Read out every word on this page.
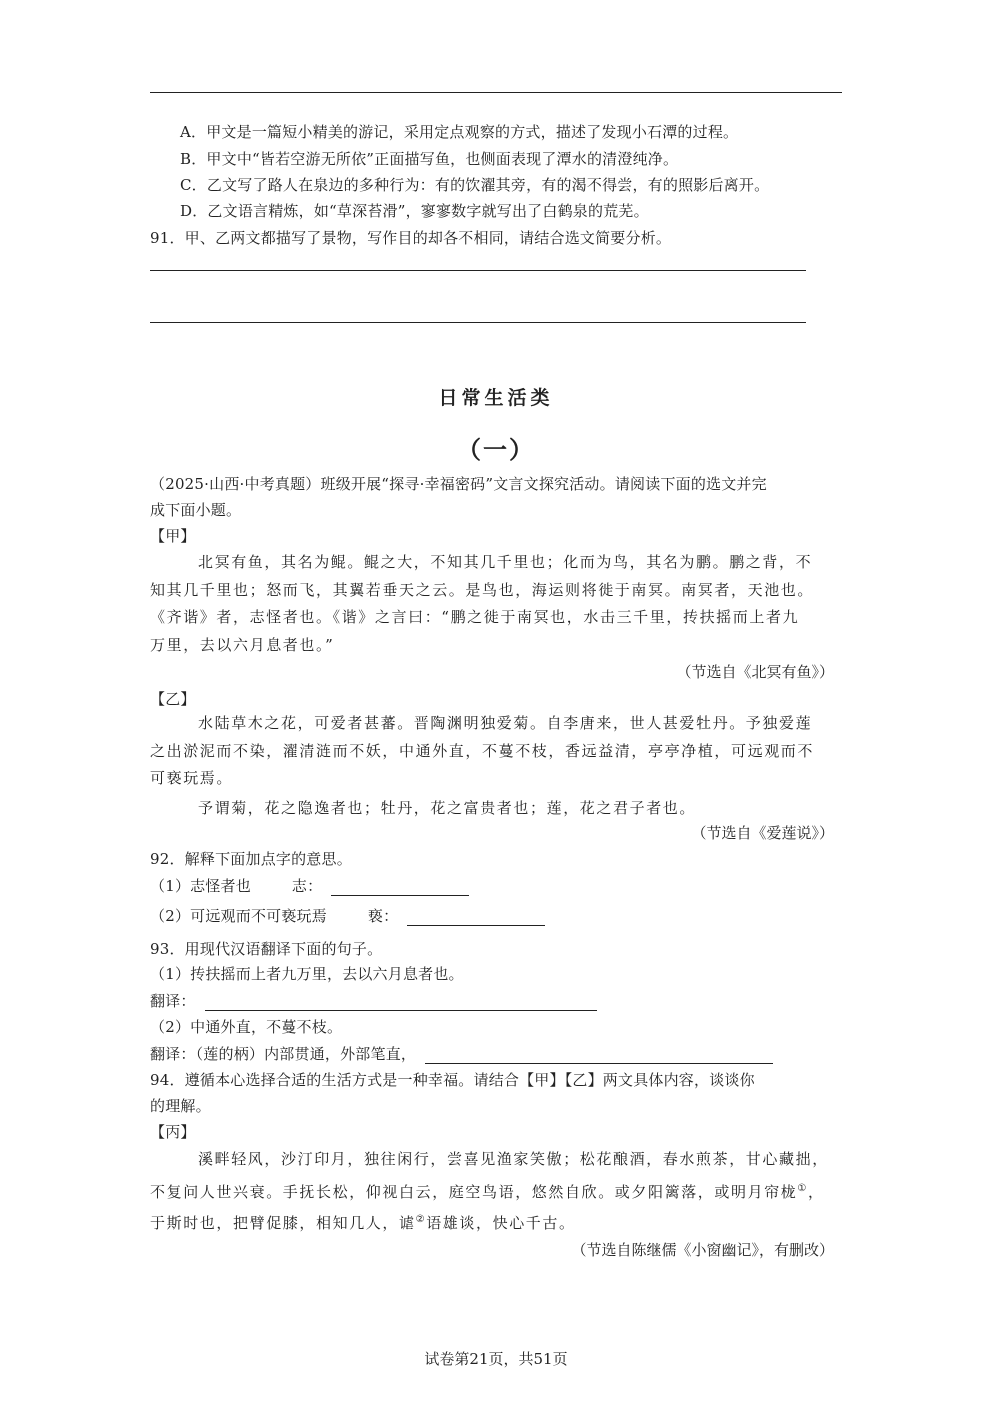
A．甲文是一篇短小精美的游记，采用定点观察的方式，描述了发现小石潭的过程。
B．甲文中“皆若空游无所依”正面描写鱼，也侧面表现了潭水的清澄纯净。
C．乙文写了路人在泉边的多种行为：有的饮濯其旁，有的渴不得尝，有的照影后离开。
D．乙文语言精炼，如“草深苔滑”，寥寥数字就写出了白鹤泉的荒芜。
91．甲、乙两文都描写了景物，写作目的却各不相同，请结合选文简要分析。
日常生活类
（一）
（2025·山西·中考真题）班级开展“探寻·幸福密码”文言文探究活动。请阅读下面的选文并完
成下面小题。
【甲】
北冥有鱼，其名为鲲。鲲之大，不知其几千里也；化而为鸟，其名为鹏。鹏之背，不
知其几千里也；怒而飞，其翼若垂天之云。是鸟也，海运则将徙于南冥。南冥者，天池也。
《齐谐》者，志怪者也。《谐》之言曰：“鹏之徙于南冥也，水击三千里，抟扶摇而上者九
万里，去以六月息者也。”
（节选自《北冥有鱼》）
【乙】
水陆草木之花，可爱者甚蕃。晋陶渊明独爱菊。自李唐来，世人甚爱牡丹。予独爱莲
之出淤泥而不染，濯清涟而不妖，中通外直，不蔓不枝，香远益清，亭亭净植，可远观而不
可亵玩焉。
予谓菊，花之隐逸者也；牡丹，花之富贵者也；莲，花之君子者也。
（节选自《爱莲说》）
92．解释下面加点字的意思。
（1）志怪者也	志：
（2）可远观而不可亵玩焉	亵：
93．用现代汉语翻译下面的句子。
（1）抟扶摇而上者九万里，去以六月息者也。
翻译：
（2）中通外直，不蔓不枝。
翻译：（莲的柄）内部贯通，外部笔直，
94．遵循本心选择合适的生活方式是一种幸福。请结合【甲】【乙】两文具体内容，谈谈你
的理解。
【丙】
溪畔轻风，沙汀印月，独往闲行，尝喜见渔家笑傲；松花酿酒，春水煎茶，甘心藏拙，
不复问人世兴衰。手抚长松，仰视白云，庭空鸟语，悠然自欣。或夕阳篱落，或明月帘栊①，
于斯时也，把臂促膝，相知几人，谑②语雄谈，快心千古。
（节选自陈继儒《小窗幽记》，有删改）
试卷第21页，共51页
